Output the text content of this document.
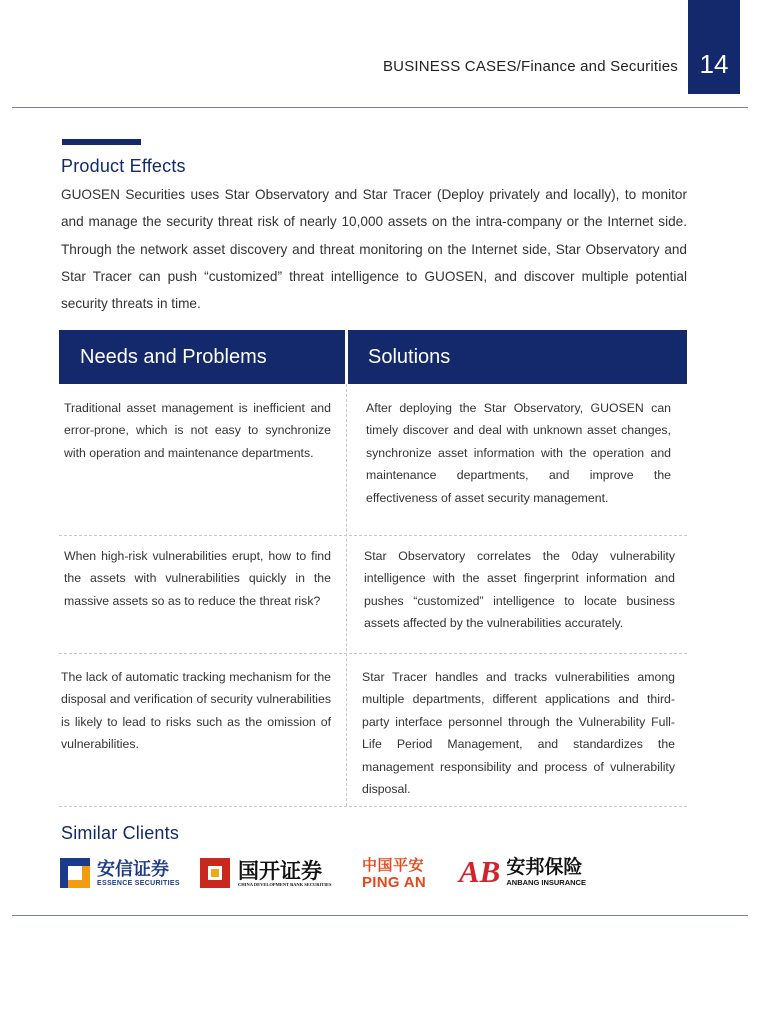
14
BUSINESS CASES/Finance and Securities
Product Effects
GUOSEN Securities uses Star Observatory and Star Tracer (Deploy privately and locally), to monitor and manage the security threat risk of nearly 10,000 assets on the intra-company or the Internet side. Through the network asset discovery and threat monitoring on the Internet side, Star Observatory and Star Tracer can push “customized” threat intelligence to GUOSEN, and discover multiple potential security threats in time.
Needs and Problems	Solutions
Traditional asset management is inefficient and error-prone, which is not easy to synchronize with operation and maintenance departments.
After deploying the Star Observatory, GUOSEN can timely discover and deal with unknown asset changes, synchronize asset information with the operation and maintenance departments, and improve the effectiveness of asset security management.
When high-risk vulnerabilities erupt, how to find the assets with vulnerabilities quickly in the massive assets so as to reduce the threat risk?
Star Observatory correlates the 0day vulnerability intelligence with the asset fingerprint information and pushes “customized” intelligence to locate business assets affected by the vulnerabilities accurately.
The lack of automatic tracking mechanism for the disposal and verification of security vulnerabilities is likely to lead to risks such as the omission of vulnerabilities.
Star Tracer handles and tracks vulnerabilities among multiple departments, different applications and third-party interface personnel through the Vulnerability Full-Life Period Management, and standardizes the management responsibility and process of vulnerability disposal.
Similar Clients
安信证券
ESSENCE SECURITIES
国开证券
CHINA DEVELOPMENT BANK SECURITIES
中国平安
PING AN AB 安邦保险
ANBANG INSURANCE
